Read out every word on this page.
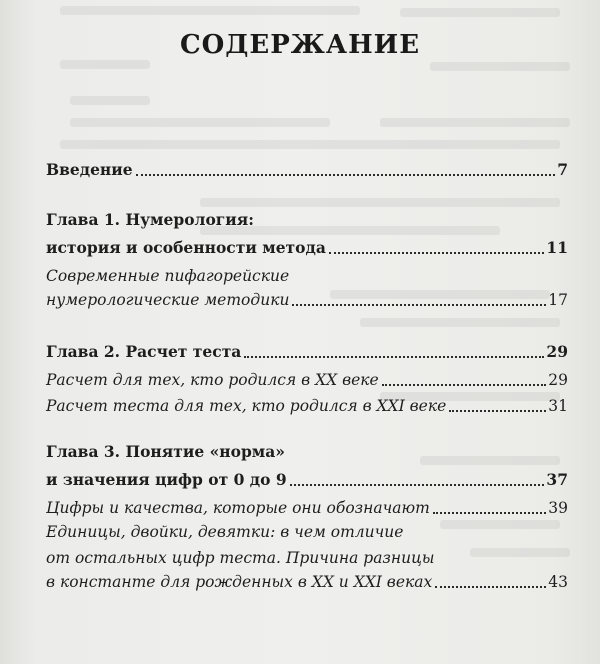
СОДЕРЖАНИЕ
Введение	7
Глава 1. Нумерология:
история и особенности метода	11
Современные пифагорейские
нумерологические методики	17
Глава 2. Расчет теста	29
Расчет для тех, кто родился в XX веке	29
Расчет теста для тех, кто родился в XXI веке	31
Глава 3. Понятие «норма»
и значения цифр от 0 до 9	37
Цифры и качества, которые они обозначают	39
Единицы, двойки, девятки: в чем отличие
от остальных цифр теста. Причина разницы
в константе для рожденных в XX и XXI веках	43
